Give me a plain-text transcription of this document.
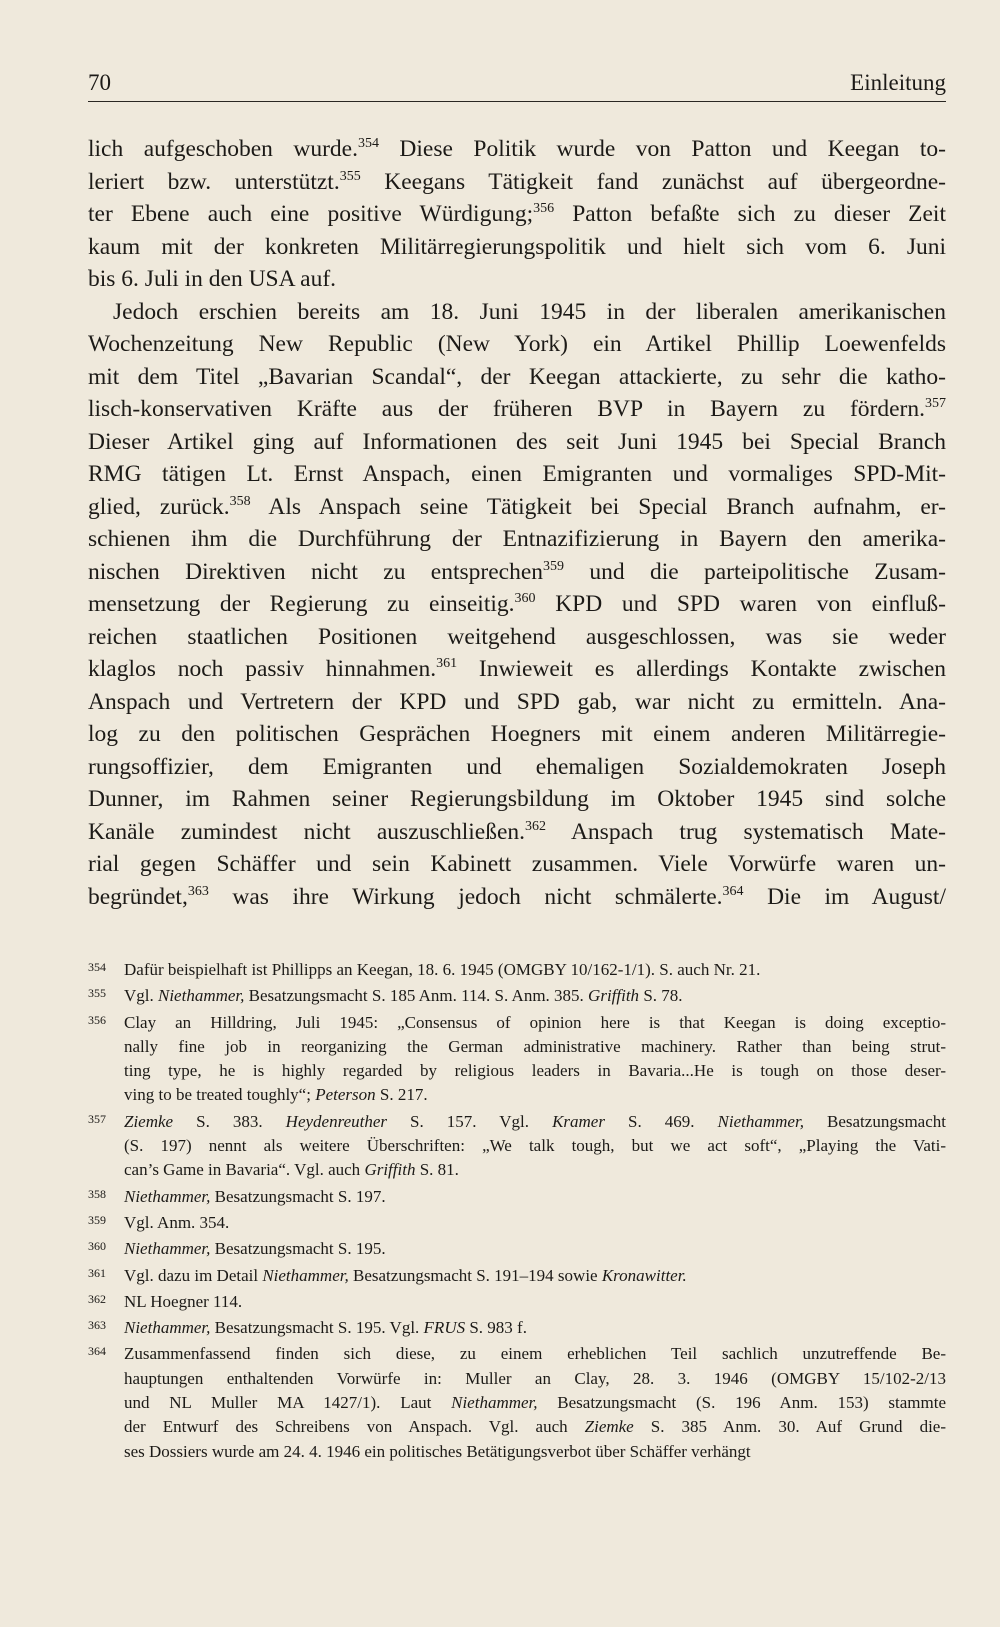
70	Einleitung
lich aufgeschoben wurde.$^{354}$ Diese Politik wurde von Patton und Keegan to-
leriert bzw. unterstützt.$^{355}$ Keegans Tätigkeit fand zunächst auf übergeordne-
ter Ebene auch eine positive Würdigung;$^{356}$ Patton befaßte sich zu dieser Zeit
kaum mit der konkreten Militärregierungspolitik und hielt sich vom 6. Juni
bis 6. Juli in den USA auf.
Jedoch erschien bereits am 18. Juni 1945 in der liberalen amerikanischen
Wochenzeitung New Republic (New York) ein Artikel Phillip Loewenfelds
mit dem Titel „Bavarian Scandal“, der Keegan attackierte, zu sehr die katho-
lisch-konservativen Kräfte aus der früheren BVP in Bayern zu fördern.$^{357}$
Dieser Artikel ging auf Informationen des seit Juni 1945 bei Special Branch
RMG tätigen Lt. Ernst Anspach, einen Emigranten und vormaliges SPD-Mit-
glied, zurück.$^{358}$ Als Anspach seine Tätigkeit bei Special Branch aufnahm, er-
schienen ihm die Durchführung der Entnazifizierung in Bayern den amerika-
nischen Direktiven nicht zu entsprechen$^{359}$ und die parteipolitische Zusam-
mensetzung der Regierung zu einseitig.$^{360}$ KPD und SPD waren von einfluß-
reichen staatlichen Positionen weitgehend ausgeschlossen, was sie weder
klaglos noch passiv hinnahmen.$^{361}$ Inwieweit es allerdings Kontakte zwischen
Anspach und Vertretern der KPD und SPD gab, war nicht zu ermitteln. Ana-
log zu den politischen Gesprächen Hoegners mit einem anderen Militärregie-
rungsoffizier, dem Emigranten und ehemaligen Sozialdemokraten Joseph
Dunner, im Rahmen seiner Regierungsbildung im Oktober 1945 sind solche
Kanäle zumindest nicht auszuschließen.$^{362}$ Anspach trug systematisch Mate-
rial gegen Schäffer und sein Kabinett zusammen. Viele Vorwürfe waren un-
begründet,$^{363}$ was ihre Wirkung jedoch nicht schmälerte.$^{364}$ Die im August/
354	Dafür beispielhaft ist Phillipps an Keegan, 18. 6. 1945 (OMGBY 10/162-1/1). S. auch Nr. 21.
355	Vgl. Niethammer, Besatzungsmacht S. 185 Anm. 114. S. Anm. 385. Griffith S. 78.
356	Clay an Hilldring, Juli 1945: „Consensus of opinion here is that Keegan is doing exceptio-
nally fine job in reorganizing the German administrative machinery. Rather than being strut-
ting type, he is highly regarded by religious leaders in Bavaria...He is tough on those deser-
ving to be treated toughly“; Peterson S. 217.
357	Ziemke S. 383. Heydenreuther S. 157. Vgl. Kramer S. 469. Niethammer, Besatzungsmacht
(S. 197) nennt als weitere Überschriften: „We talk tough, but we act soft“, „Playing the Vati-
can’s Game in Bavaria“. Vgl. auch Griffith S. 81.
358	Niethammer, Besatzungsmacht S. 197.
359	Vgl. Anm. 354.
360	Niethammer, Besatzungsmacht S. 195.
361	Vgl. dazu im Detail Niethammer, Besatzungsmacht S. 191–194 sowie Kronawitter.
362	NL Hoegner 114.
363	Niethammer, Besatzungsmacht S. 195. Vgl. FRUS S. 983 f.
364	Zusammenfassend finden sich diese, zu einem erheblichen Teil sachlich unzutreffende Be-
hauptungen enthaltenden Vorwürfe in: Muller an Clay, 28. 3. 1946 (OMGBY 15/102-2/13
und NL Muller MA 1427/1). Laut Niethammer, Besatzungsmacht (S. 196 Anm. 153) stammte
der Entwurf des Schreibens von Anspach. Vgl. auch Ziemke S. 385 Anm. 30. Auf Grund die-
ses Dossiers wurde am 24. 4. 1946 ein politisches Betätigungsverbot über Schäffer verhängt
